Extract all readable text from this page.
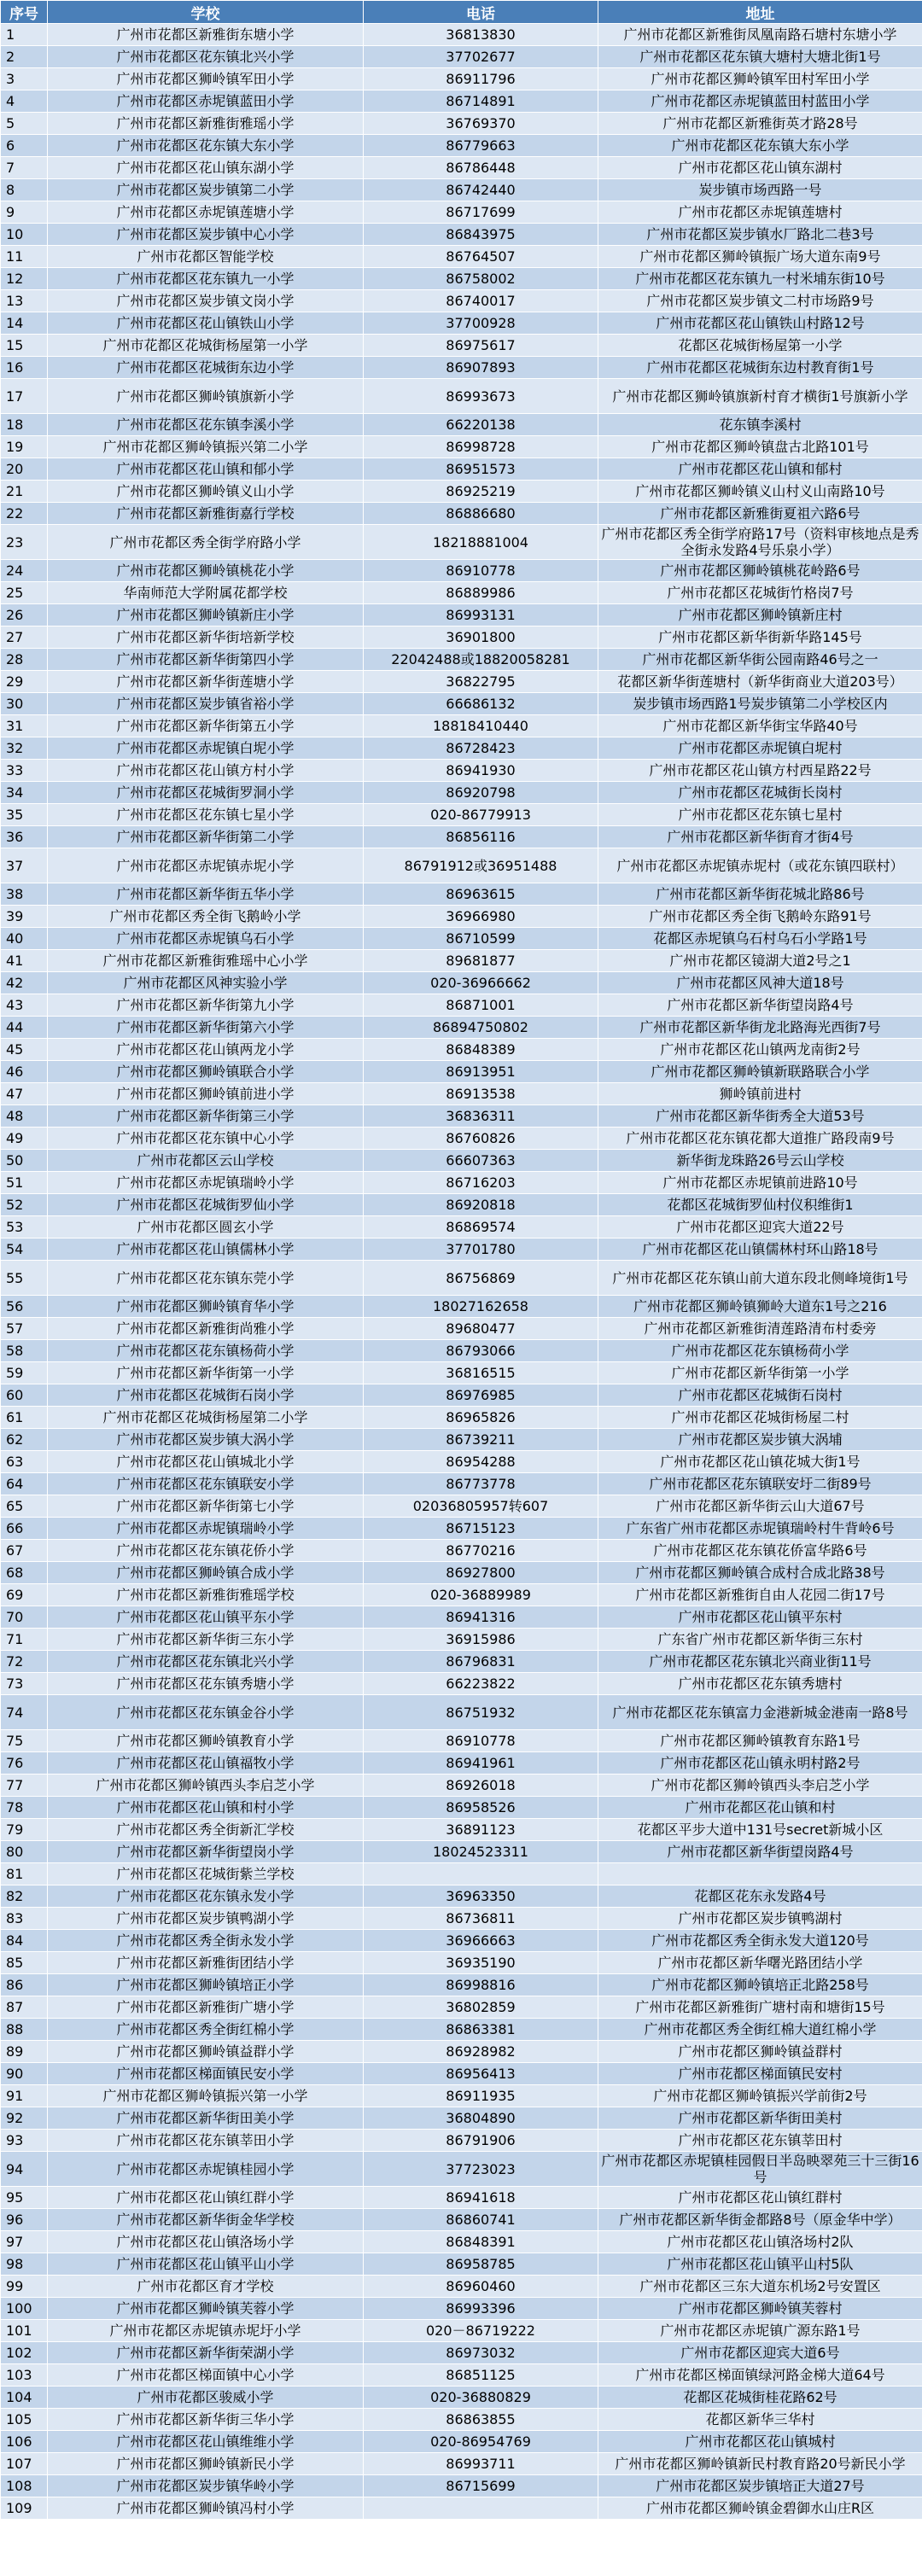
序号	学校	电话	地址
1	广州市花都区新雅街东塘小学	36813830	广州市花都区新雅街凤凰南路石塘村东塘小学
2	广州市花都区花东镇北兴小学	37702677	广州市花都区花东镇大塘村大塘北街1号
3	广州市花都区狮岭镇军田小学	86911796	广州市花都区狮岭镇军田村军田小学
4	广州市花都区赤坭镇蓝田小学	86714891	广州市花都区赤坭镇蓝田村蓝田小学
5	广州市花都区新雅街雅瑶小学	36769370	广州市花都区新雅街英才路28号
6	广州市花都区花东镇大东小学	86779663	广州市花都区花东镇大东小学
7	广州市花都区花山镇东湖小学	86786448	广州市花都区花山镇东湖村
8	广州市花都区炭步镇第二小学	86742440	炭步镇市场西路一号
9	广州市花都区赤坭镇莲塘小学	86717699	广州市花都区赤坭镇莲塘村
10	广州市花都区炭步镇中心小学	86843975	广州市花都区炭步镇水厂路北二巷3号
11	广州市花都区智能学校	86764507	广州市花都区狮岭镇振广场大道东南9号
12	广州市花都区花东镇九一小学	86758002	广州市花都区花东镇九一村米埔东街10号
13	广州市花都区炭步镇文岗小学	86740017	广州市花都区炭步镇文二村市场路9号
14	广州市花都区花山镇铁山小学	37700928	广州市花都区花山镇铁山村路12号
15	广州市花都区花城街杨屋第一小学	86975617	花都区花城街杨屋第一小学
16	广州市花都区花城街东边小学	86907893	广州市花都区花城街东边村教育街1号
17	广州市花都区狮岭镇旗新小学	86993673	广州市花都区狮岭镇旗新村育才横街1号旗新小学
18	广州市花都区花东镇李溪小学	66220138	花东镇李溪村
19	广州市花都区狮岭镇振兴第二小学	86998728	广州市花都区狮岭镇盘古北路101号
20	广州市花都区花山镇和郁小学	86951573	广州市花都区花山镇和郁村
21	广州市花都区狮岭镇义山小学	86925219	广州市花都区狮岭镇义山村义山南路10号
22	广州市花都区新雅街嘉行学校	86886680	广州市花都区新雅街夏祖六路6号
23	广州市花都区秀全街学府路小学	18218881004	广州市花都区秀全街学府路17号（资料审核地点是秀全街永发路4号乐泉小学）
24	广州市花都区狮岭镇桃花小学	86910778	广州市花都区狮岭镇桃花岭路6号
25	华南师范大学附属花都学校	86889986	广州市花都区花城街竹格岗7号
26	广州市花都区狮岭镇新庄小学	86993131	广州市花都区狮岭镇新庄村
27	广州市花都区新华街培新学校	36901800	广州市花都区新华街新华路145号
28	广州市花都区新华街第四小学	22042488或18820058281	广州市花都区新华街公园南路46号之一
29	广州市花都区新华街莲塘小学	36822795	花都区新华街莲塘村（新华街商业大道203号）
30	广州市花都区炭步镇省裕小学	66686132	炭步镇市场西路1号炭步镇第二小学校区内
31	广州市花都区新华街第五小学	18818410440	广州市花都区新华街宝华路40号
32	广州市花都区赤坭镇白坭小学	86728423	广州市花都区赤坭镇白坭村
33	广州市花都区花山镇方村小学	86941930	广州市花都区花山镇方村西星路22号
34	广州市花都区花城街罗洞小学	86920798	广州市花都区花城街长岗村
35	广州市花都区花东镇七星小学	020-86779913	广州市花都区花东镇七星村
36	广州市花都区新华街第二小学	86856116	广州市花都区新华街育才街4号
37	广州市花都区赤坭镇赤坭小学	86791912或36951488	广州市花都区赤坭镇赤坭村（或花东镇四联村）
38	广州市花都区新华街五华小学	86963615	广州市花都区新华街花城北路86号
39	广州市花都区秀全街飞鹅岭小学	36966980	广州市花都区秀全街飞鹅岭东路91号
40	广州市花都区赤坭镇乌石小学	86710599	花都区赤坭镇乌石村乌石小学路1号
41	广州市花都区新雅街雅瑶中心小学	89681877	广州市花都区镜湖大道2号之1
42	广州市花都区风神实验小学	020-36966662	广州市花都区风神大道18号
43	广州市花都区新华街第九小学	86871001	广州市花都区新华街望岗路4号
44	广州市花都区新华街第六小学	86894750802	广州市花都区新华街龙北路海光西街7号
45	广州市花都区花山镇两龙小学	86848389	广州市花都区花山镇两龙南街2号
46	广州市花都区狮岭镇联合小学	86913951	广州市花都区狮岭镇新联路联合小学
47	广州市花都区狮岭镇前进小学	86913538	狮岭镇前进村
48	广州市花都区新华街第三小学	36836311	广州市花都区新华街秀全大道53号
49	广州市花都区花东镇中心小学	86760826	广州市花都区花东镇花都大道推广路段南9号
50	广州市花都区云山学校	66607363	新华街龙珠路26号云山学校
51	广州市花都区赤坭镇瑞岭小学	86716203	广州市花都区赤坭镇前进路10号
52	广州市花都区花城街罗仙小学	86920818	花都区花城街罗仙村仪积维街1
53	广州市花都区圆玄小学	86869574	广州市花都区迎宾大道22号
54	广州市花都区花山镇儒林小学	37701780	广州市花都区花山镇儒林村环山路18号
55	广州市花都区花东镇东莞小学	86756869	广州市花都区花东镇山前大道东段北侧峰境街1号
56	广州市花都区狮岭镇育华小学	18027162658	广州市花都区狮岭镇狮岭大道东1号之216
57	广州市花都区新雅街尚雅小学	89680477	广州市花都区新雅街清莲路清布村委旁
58	广州市花都区花东镇杨荷小学	86793066	广州市花都区花东镇杨荷小学
59	广州市花都区新华街第一小学	36816515	广州市花都区新华街第一小学
60	广州市花都区花城街石岗小学	86976985	广州市花都区花城街石岗村
61	广州市花都区花城街杨屋第二小学	86965826	广州市花都区花城街杨屋二村
62	广州市花都区炭步镇大涡小学	86739211	广州市花都区炭步镇大涡埔
63	广州市花都区花山镇城北小学	86954288	广州市花都区花山镇花城大街1号
64	广州市花都区花东镇联安小学	86773778	广州市花都区花东镇联安圩二街89号
65	广州市花都区新华街第七小学	02036805957转607	广州市花都区新华街云山大道67号
66	广州市花都区赤坭镇瑞岭小学	86715123	广东省广州市花都区赤坭镇瑞岭村牛背岭6号
67	广州市花都区花东镇花侨小学	86770216	广州市花都区花东镇花侨富华路6号
68	广州市花都区狮岭镇合成小学	86927800	广州市花都区狮岭镇合成村合成北路38号
69	广州市花都区新雅街雅瑶学校	020-36889989	广州市花都区新雅街自由人花园二街17号
70	广州市花都区花山镇平东小学	86941316	广州市花都区花山镇平东村
71	广州市花都区新华街三东小学	36915986	广东省广州市花都区新华街三东村
72	广州市花都区花东镇北兴小学	86796831	广州市花都区花东镇北兴商业街11号
73	广州市花都区花东镇秀塘小学	66223822	广州市花都区花东镇秀塘村
74	广州市花都区花东镇金谷小学	86751932	广州市花都区花东镇富力金港新城金港南一路8号
75	广州市花都区狮岭镇教育小学	86910778	广州市花都区狮岭镇教育东路1号
76	广州市花都区花山镇福牧小学	86941961	广州市花都区花山镇永明村路2号
77	广州市花都区狮岭镇西头李启芝小学	86926018	广州市花都区狮岭镇西头李启芝小学
78	广州市花都区花山镇和村小学	86958526	广州市花都区花山镇和村
79	广州市花都区秀全街新汇学校	36891123	花都区平步大道中131号secret新城小区
80	广州市花都区新华街望岗小学	18024523311	广州市花都区新华街望岗路4号
81	广州市花都区花城街紫兰学校		
82	广州市花都区花东镇永发小学	36963350	花都区花东永发路4号
83	广州市花都区炭步镇鸭湖小学	86736811	广州市花都区炭步镇鸭湖村
84	广州市花都区秀全街永发小学	36966663	广州市花都区秀全街永发大道120号
85	广州市花都区新雅街团结小学	36935190	广州市花都区新华曙光路团结小学
86	广州市花都区狮岭镇培正小学	86998816	广州市花都区狮岭镇培正北路258号
87	广州市花都区新雅街广塘小学	36802859	广州市花都区新雅街广塘村南和塘街15号
88	广州市花都区秀全街红棉小学	86863381	广州市花都区秀全街红棉大道红棉小学
89	广州市花都区狮岭镇益群小学	86928982	广州市花都区狮岭镇益群村
90	广州市花都区梯面镇民安小学	86956413	广州市花都区梯面镇民安村
91	广州市花都区狮岭镇振兴第一小学	86911935	广州市花都区狮岭镇振兴学前街2号
92	广州市花都区新华街田美小学	36804890	广州市花都区新华街田美村
93	广州市花都区花东镇莘田小学	86791906	广州市花都区花东镇莘田村
94	广州市花都区赤坭镇桂园小学	37723023	广州市花都区赤坭镇桂园假日半岛映翠苑三十三街16号
95	广州市花都区花山镇红群小学	86941618	广州市花都区花山镇红群村
96	广州市花都区新华街金华学校	86860741	广州市花都区新华街金都路8号（原金华中学）
97	广州市花都区花山镇洛场小学	86848391	广州市花都区花山镇洛场村2队
98	广州市花都区花山镇平山小学	86958785	广州市花都区花山镇平山村5队
99	广州市花都区育才学校	86960460	广州市花都区三东大道东机场2号安置区
100	广州市花都区狮岭镇芙蓉小学	86993396	广州市花都区狮岭镇芙蓉村
101	广州市花都区赤坭镇赤坭圩小学	020－86719222	广州市花都区赤坭镇广源东路1号
102	广州市花都区新华街荣湖小学	86973032	广州市花都区迎宾大道6号
103	广州市花都区梯面镇中心小学	86851125	广州市花都区梯面镇绿河路金梯大道64号
104	广州市花都区骏威小学	020-36880829	花都区花城街桂花路62号
105	广州市花都区新华街三华小学	86863855	花都区新华三华村
106	广州市花都区花山镇维维小学	020-86954769	广州市花都区花山镇城村
107	广州市花都区狮岭镇新民小学	86993711	广州市花都区狮岭镇新民村教育路20号新民小学
108	广州市花都区炭步镇华岭小学	86715699	广州市花都区炭步镇培正大道27号
109	广州市花都区狮岭镇冯村小学		广州市花都区狮岭镇金碧御水山庄R区
